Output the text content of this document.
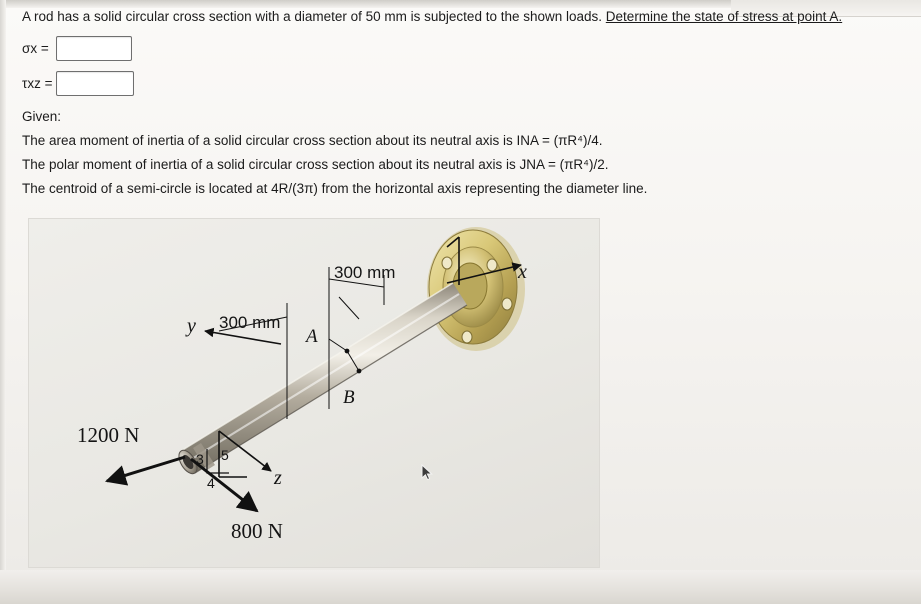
A rod has a solid circular cross section with a diameter of 50 mm is subjected to the shown loads. Determine the state of stress at point A.
σx =
τxz =
Given:
The area moment of inertia of a solid circular cross section about its neutral axis is INA = (πR⁴)/4.
The polar moment of inertia of a solid circular cross section about its neutral axis is JNA = (πR⁴)/2.
The centroid of a semi-circle is located at 4R/(3π) from the horizontal axis representing the diameter line.
300 mm
300 mm
x
y
z
A
B
1200 N
800 N
3 5
4
